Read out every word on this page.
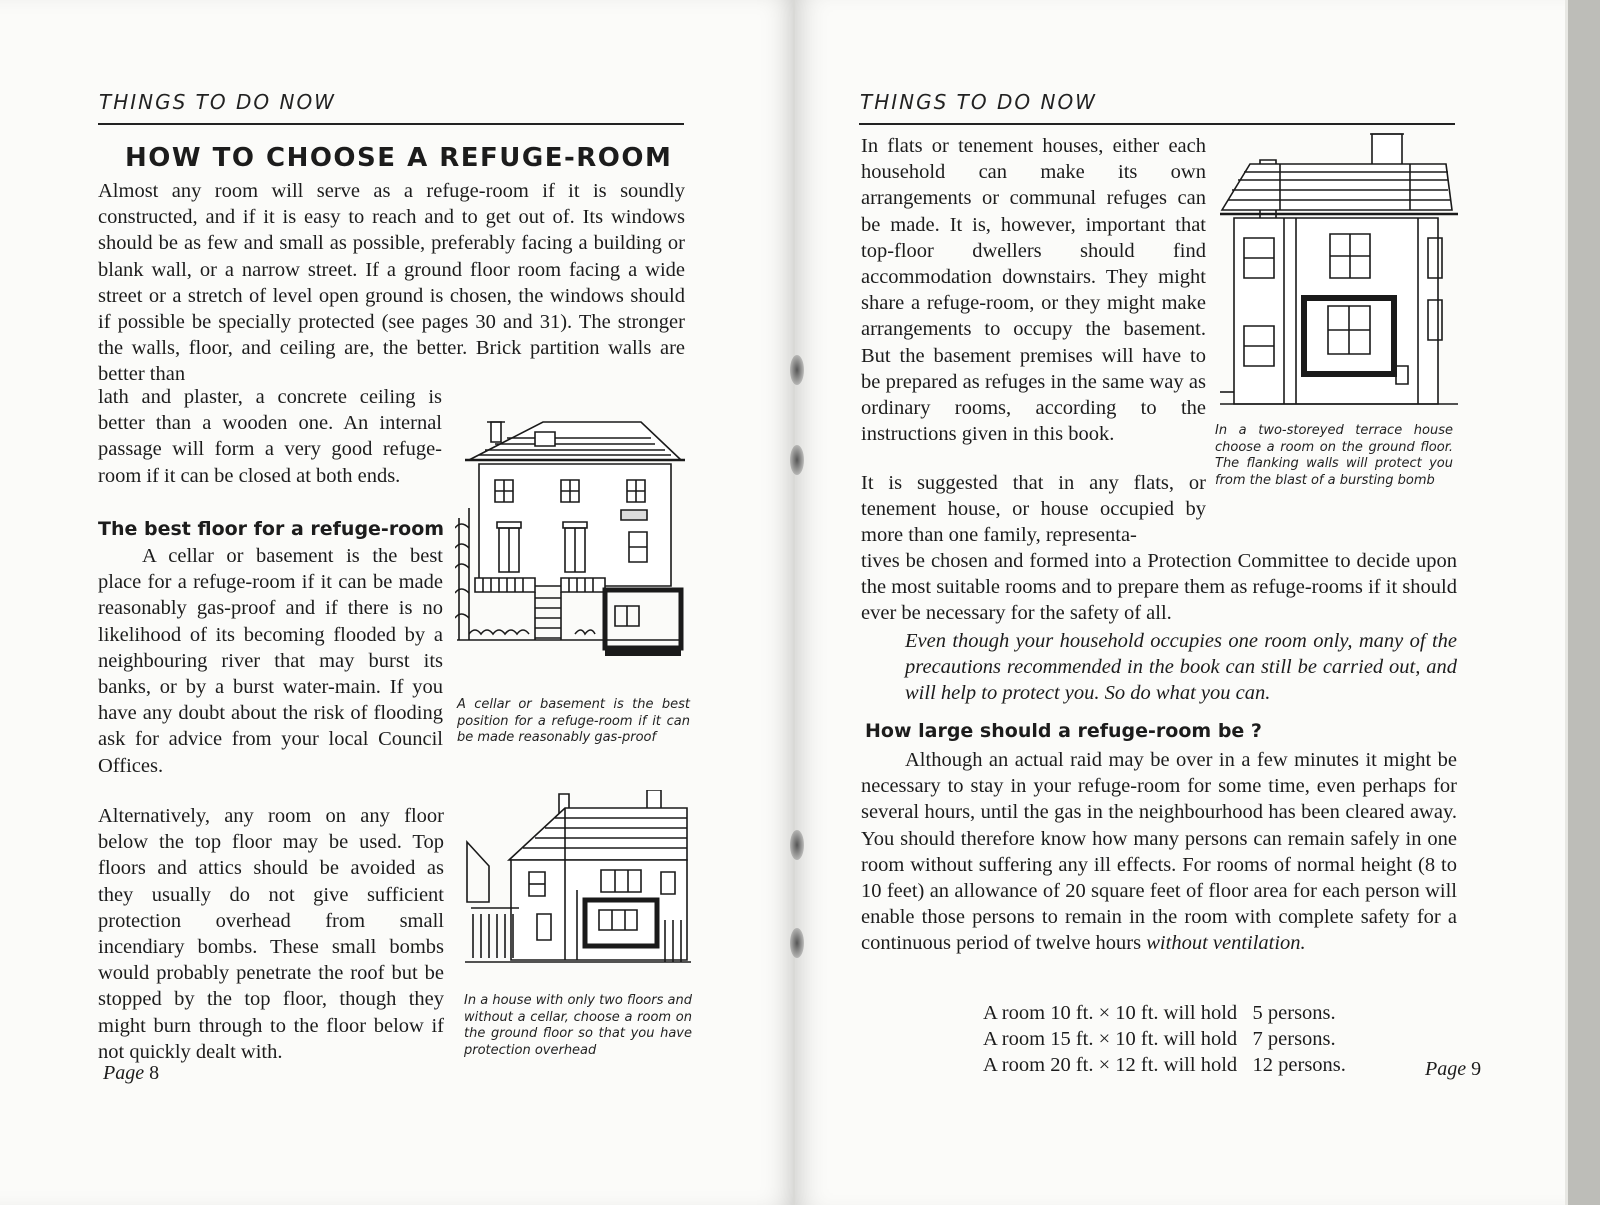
THINGS TO DO NOW
HOW TO CHOOSE A REFUGE-ROOM

Almost any room will serve as a refuge-room if it is soundly constructed, and if it is easy to reach and to get out of. Its windows should be as few and small as possible, preferably facing a building or blank wall, or a narrow street. If a ground floor room facing a wide street or a stretch of level open ground is chosen, the windows should if possible be specially protected (see pages 30 and 31). The stronger the walls, floor, and ceiling are, the better. Brick partition walls are better than

lath and plaster, a concrete ceiling is better than a wooden one. An internal passage will form a very good refuge-room if it can be closed at both ends.

The best floor for a refuge-room

A cellar or basement is the best place for a refuge-room if it can be made reasonably gas-proof and if there is no likelihood of its becoming flooded by a neighbouring river that may burst its banks, or by a burst water-main. If you have any doubt about the risk of flooding ask for advice from your local Council Offices.

Alternatively, any room on any floor below the top floor may be used. Top floors and attics should be avoided as they usually do not give sufficient protection overhead from small incendiary bombs. These small bombs would probably penetrate the roof but be stopped by the top floor, though they might burn through to the floor below if not quickly dealt with.

A cellar or basement is the best position for a refuge-room if it can be made reasonably gas-proof

In a house with only two floors and without a cellar, choose a room on the ground floor so that you have protection overhead

Page 8
THINGS TO DO NOW

In flats or tenement houses, either each household can make its own arrangements or communal refuges can be made. It is, however, important that top-floor dwellers should find accommodation downstairs. They might share a refuge-room, or they might make arrangements to occupy the basement. But the basement premises will have to be prepared as refuges in the same way as ordinary rooms, according to the instructions given in this book.

It is suggested that in any flats, or tenement house, or house occupied by more than one family, representa-

tives be chosen and formed into a Protection Committee to decide upon the most suitable rooms and to prepare them as refuge-rooms if it should ever be necessary for the safety of all.

Even though your household occupies one room only, many of the precautions recommended in the book can still be carried out, and will help to protect you. So do what you can.

In a two-storeyed terrace house choose a room on the ground floor. The flanking walls will protect you from the blast of a bursting bomb

How large should a refuge-room be ?

Although an actual raid may be over in a few minutes it might be necessary to stay in your refuge-room for some time, even perhaps for several hours, until the gas in the neighbourhood has been cleared away. You should therefore know how many persons can remain safely in one room without suffering any ill effects. For rooms of normal height (8 to 10 feet) an allowance of 20 square feet of floor area for each person will enable those persons to remain in the room with complete safety for a continuous period of twelve hours without ventilation.

Page 9
A room 10 ft. × 10 ft. will hold 5 persons.
A room 15 ft. × 10 ft. will hold 7 persons.
A room 20 ft. × 12 ft. will hold 12 persons.
